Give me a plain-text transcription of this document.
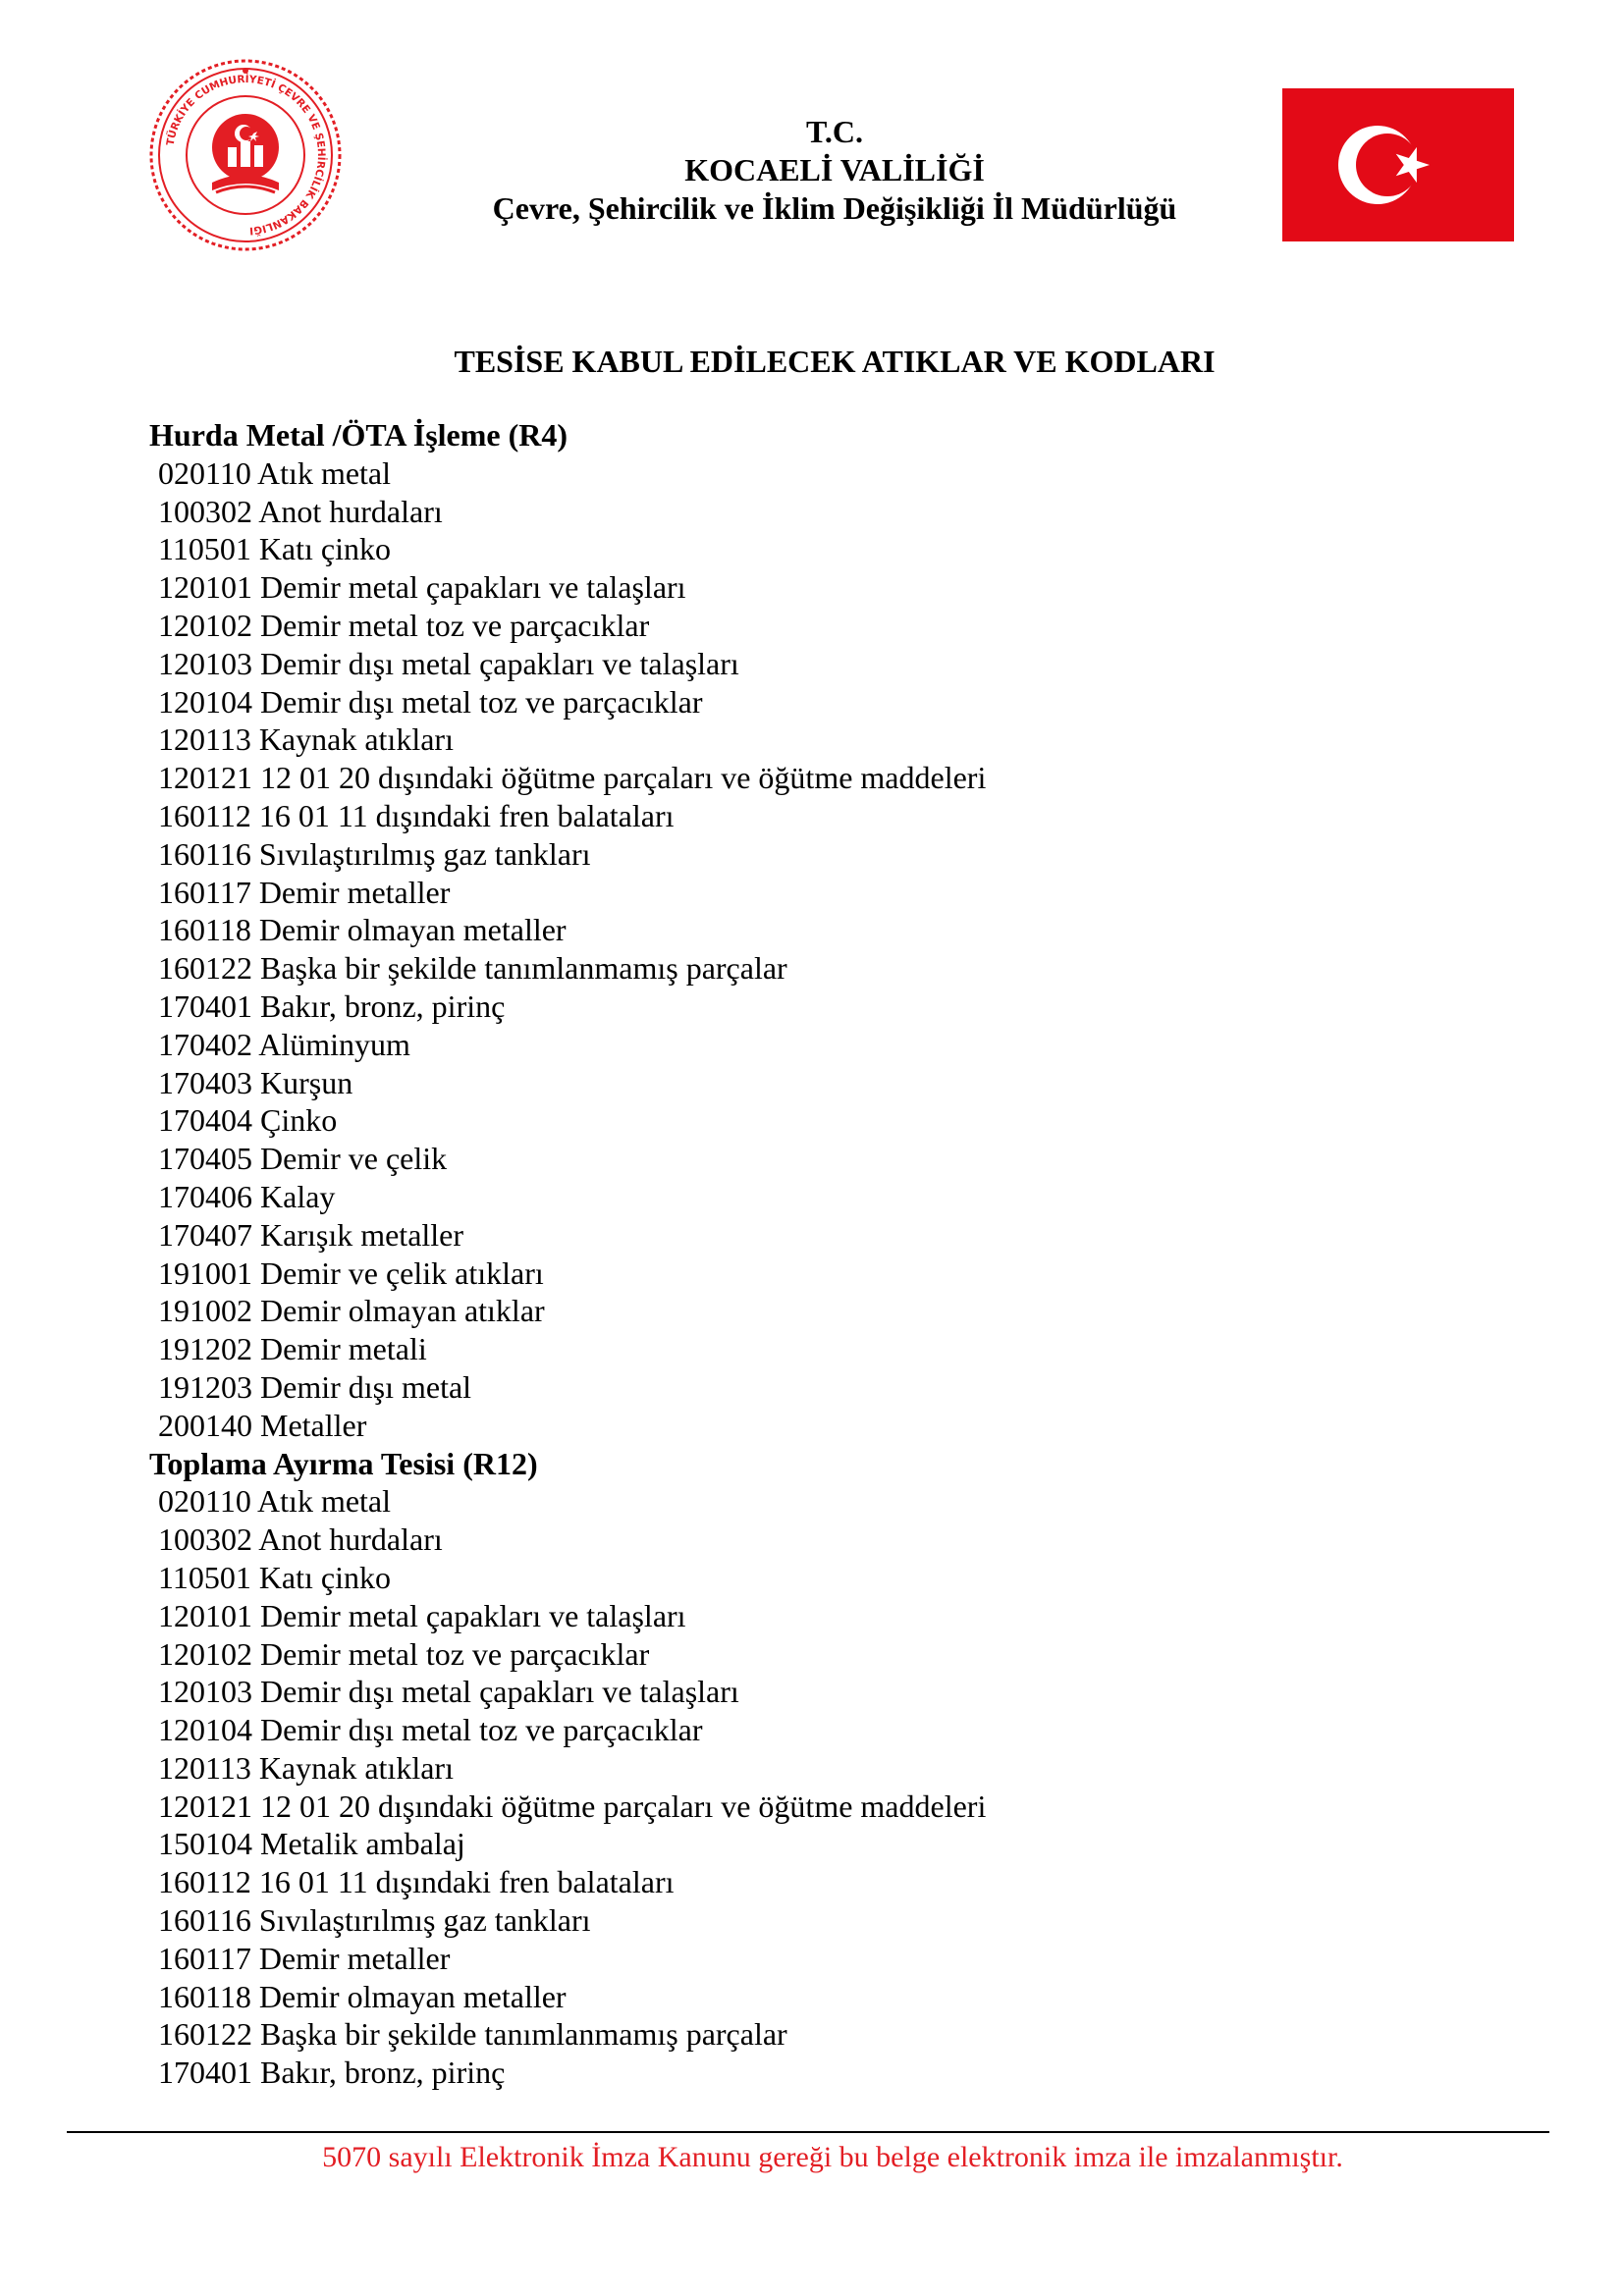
TÜRKİYE CUMHURİYETİ ÇEVRE VE ŞEHİRCİLİK BAKANLIĞI
T.C.
KOCAELİ VALİLİĞİ
Çevre, Şehircilik ve İklim Değişikliği İl Müdürlüğü
TESİSE KABUL EDİLECEK ATIKLAR VE KODLARI
Hurda Metal /ÖTA İşleme (R4)
020110 Atık metal
100302 Anot hurdaları
110501 Katı çinko
120101 Demir metal çapakları ve talaşları
120102 Demir metal toz ve parçacıklar
120103 Demir dışı metal çapakları ve talaşları
120104 Demir dışı metal toz ve parçacıklar
120113 Kaynak atıkları
120121 12 01 20 dışındaki öğütme parçaları ve öğütme maddeleri
160112 16 01 11 dışındaki fren balataları
160116 Sıvılaştırılmış gaz tankları
160117 Demir metaller
160118 Demir olmayan metaller
160122 Başka bir şekilde tanımlanmamış parçalar
170401 Bakır, bronz, pirinç
170402 Alüminyum
170403 Kurşun
170404 Çinko
170405 Demir ve çelik
170406 Kalay
170407 Karışık metaller
191001 Demir ve çelik atıkları
191002 Demir olmayan atıklar
191202 Demir metali
191203 Demir dışı metal
200140 Metaller
Toplama Ayırma Tesisi (R12)
020110 Atık metal
100302 Anot hurdaları
110501 Katı çinko
120101 Demir metal çapakları ve talaşları
120102 Demir metal toz ve parçacıklar
120103 Demir dışı metal çapakları ve talaşları
120104 Demir dışı metal toz ve parçacıklar
120113 Kaynak atıkları
120121 12 01 20 dışındaki öğütme parçaları ve öğütme maddeleri
150104 Metalik ambalaj
160112 16 01 11 dışındaki fren balataları
160116 Sıvılaştırılmış gaz tankları
160117 Demir metaller
160118 Demir olmayan metaller
160122 Başka bir şekilde tanımlanmamış parçalar
170401 Bakır, bronz, pirinç
5070 sayılı Elektronik İmza Kanunu gereği bu belge elektronik imza ile imzalanmıştır.
